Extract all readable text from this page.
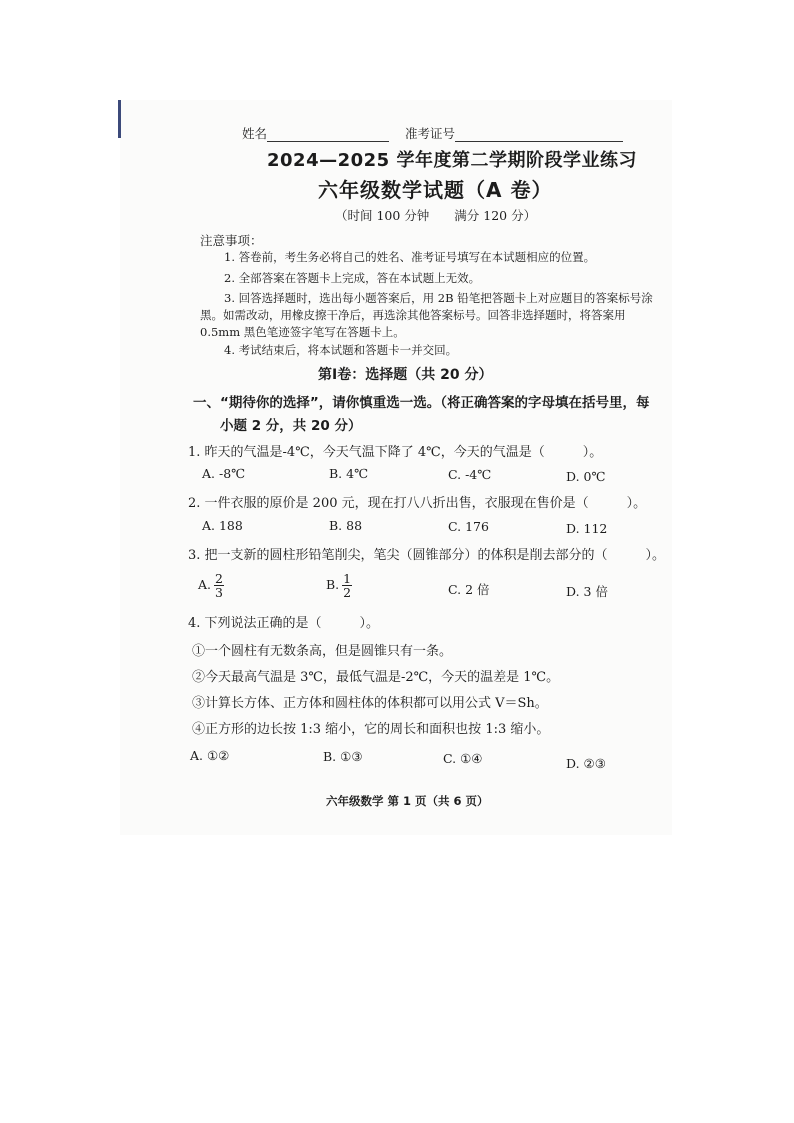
姓名	准考证号
2024—2025 学年度第二学期阶段学业练习
六年级数学试题（A 卷）
（时间 100 分钟　　满分 120 分）
注意事项：
1. 答卷前，考生务必将自己的姓名、准考证号填写在本试题相应的位置。
2. 全部答案在答题卡上完成，答在本试题上无效。
3. 回答选择题时，选出每小题答案后，用 2B 铅笔把答题卡上对应题目的答案标号涂黑。如需改动，用橡皮擦干净后，再选涂其他答案标号。回答非选择题时，将答案用 0.5mm 黑色笔迹签字笔写在答题卡上。
4. 考试结束后，将本试题和答题卡一并交回。
第Ⅰ卷：选择题（共 20 分）
一、“期待你的选择”，请你慎重选一选。（将正确答案的字母填在括号里，每
小题 2 分，共 20 分）
1. 昨天的气温是-4℃，今天气温下降了 4℃，今天的气温是（	）。
A. -8℃	B. 4℃	C. -4℃	D. 0℃
2. 一件衣服的原价是 200 元，现在打八八折出售，衣服现在售价是（	）。
A. 188	B. 88	C. 176	D. 112
3. 把一支新的圆柱形铅笔削尖，笔尖（圆锥部分）的体积是削去部分的（	）。
A. $\frac{2}{3}$	B. $\frac{1}{2}$	C. 2 倍	D. 3 倍
4. 下列说法正确的是（	）。
①一个圆柱有无数条高，但是圆锥只有一条。
②今天最高气温是 3℃，最低气温是-2℃，今天的温差是 1℃。
③计算长方体、正方体和圆柱体的体积都可以用公式 V＝Sh。
④正方形的边长按 1:3 缩小，它的周长和面积也按 1:3 缩小。
A. ①②	B. ①③	C. ①④	D. ②③
六年级数学 第 1 页（共 6 页）
